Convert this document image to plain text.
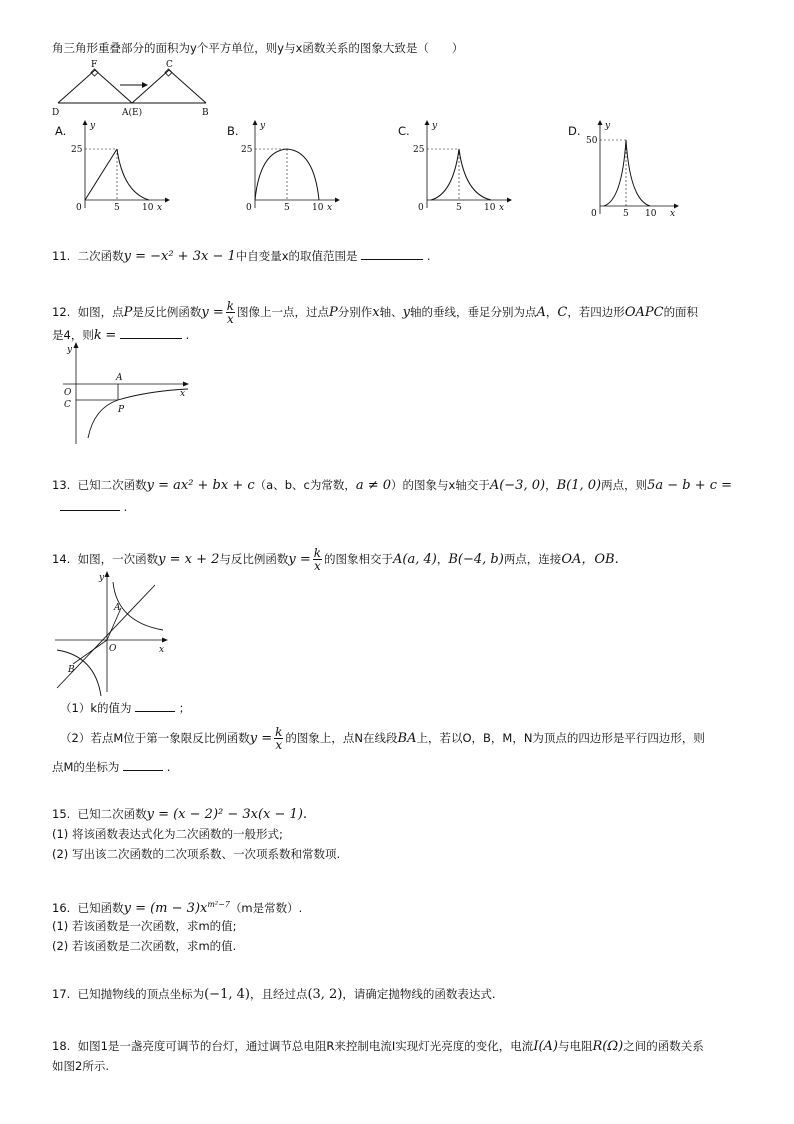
角三角形重叠部分的面积为y个平方单位，则y与x函数关系的图象大致是（　　）
F	C
D	A(E)	B
A.
25
0	5 10 x
y	B.
25
0	5 10 x
y	C.
25
0	5 10 x
y	D.
50
0	5 10 x
y
11. 二次函数y = −x² + 3x − 1中自变量x的取值范围是	.
12. 如图，点P是反比例函数$y = \frac{k}{x}$ 图像上一点，过点P分别作x轴、y轴的垂线，垂足分别为点A，C，若四边形OAPC的面积
是4，则k =	.
y
A
O
C	P
x
13. 已知二次函数y = ax² + bx + c（a、b、c为常数，a ≠ 0）的图象与x轴交于A(−3, 0)，B(1, 0)两点，则5a − b + c =
.
14. 如图，一次函数y = x + 2与反比例函数$y = \frac{k}{x}$ 的图象相交于A(a, 4)，B(−4, b)两点，连接OA，OB.
y
A
O
B
x
（1）k的值为	；
（2）若点M位于第一象限反比例函数$y = \frac{k}{x}$ 的图象上，点N在线段BA上，若以O，B，M，N为顶点的四边形是平行四边形，则
点M的坐标为	.
15. 已知二次函数y = (x − 2)² − 3x(x − 1).
(1) 将该函数表达式化为二次函数的一般形式;
(2) 写出该二次函数的二次项系数、一次项系数和常数项.
16. 已知函数$y = (m - 3)x^{m^2-7}(m$是常数）.
(1) 若该函数是一次函数，求m的值;
(2) 若该函数是二次函数，求m的值.
17. 已知抛物线的顶点坐标为(−1, 4)，且经过点(3, 2)，请确定抛物线的函数表达式.
18. 如图1是一盏亮度可调节的台灯，通过调节总电阻R来控制电流I实现灯光亮度的变化，电流I(A)与电阻R(Ω)之间的函数关系
如图2所示.
